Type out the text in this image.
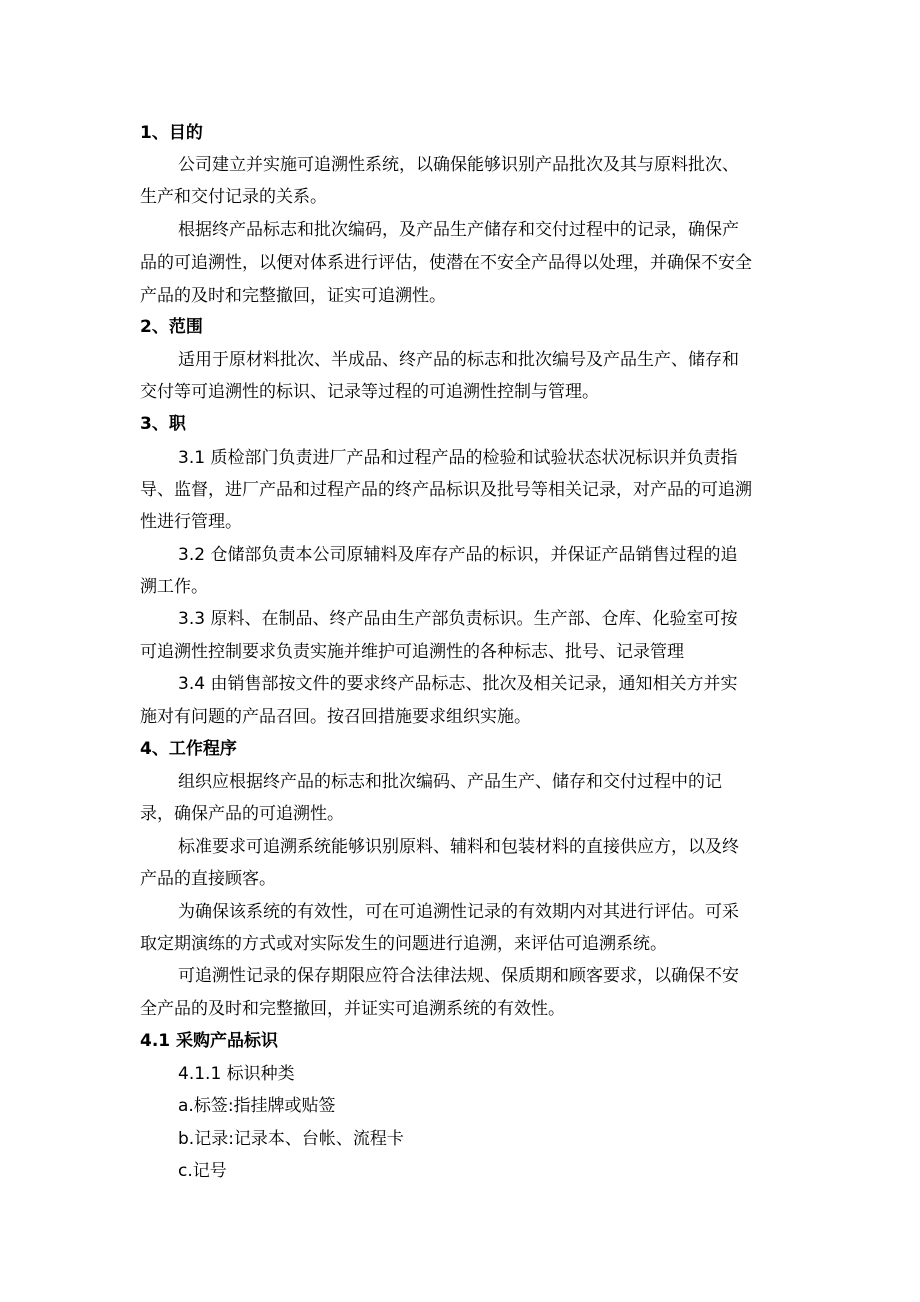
1、目的

公司建立并实施可追溯性系统，以确保能够识别产品批次及其与原料批次、

生产和交付记录的关系。

根据终产品标志和批次编码，及产品生产储存和交付过程中的记录，确保产

品的可追溯性，以便对体系进行评估，使潜在不安全产品得以处理，并确保不安全

产品的及时和完整撤回，证实可追溯性。

2、范围

适用于原材料批次、半成品、终产品的标志和批次编号及产品生产、储存和

交付等可追溯性的标识、记录等过程的可追溯性控制与管理。

3、职

3.1 质检部门负责进厂产品和过程产品的检验和试验状态状况标识并负责指

导、监督，进厂产品和过程产品的终产品标识及批号等相关记录，对产品的可追溯

性进行管理。

3.2 仓储部负责本公司原辅料及库存产品的标识，并保证产品销售过程的追

溯工作。

3.3 原料、在制品、终产品由生产部负责标识。生产部、仓库、化验室可按

可追溯性控制要求负责实施并维护可追溯性的各种标志、批号、记录管理

3.4 由销售部按文件的要求终产品标志、批次及相关记录，通知相关方并实

施对有问题的产品召回。按召回措施要求组织实施。

4、工作程序

组织应根据终产品的标志和批次编码、产品生产、储存和交付过程中的记

录，确保产品的可追溯性。

标准要求可追溯系统能够识别原料、辅料和包装材料的直接供应方，以及终

产品的直接顾客。

为确保该系统的有效性，可在可追溯性记录的有效期内对其进行评估。可采

取定期演练的方式或对实际发生的问题进行追溯，来评估可追溯系统。

可追溯性记录的保存期限应符合法律法规、保质期和顾客要求，以确保不安

全产品的及时和完整撤回，并证实可追溯系统的有效性。

4.1 采购产品标识

4.1.1 标识种类

a.标签:指挂牌或贴签

b.记录:记录本、台帐、流程卡

c.记号
